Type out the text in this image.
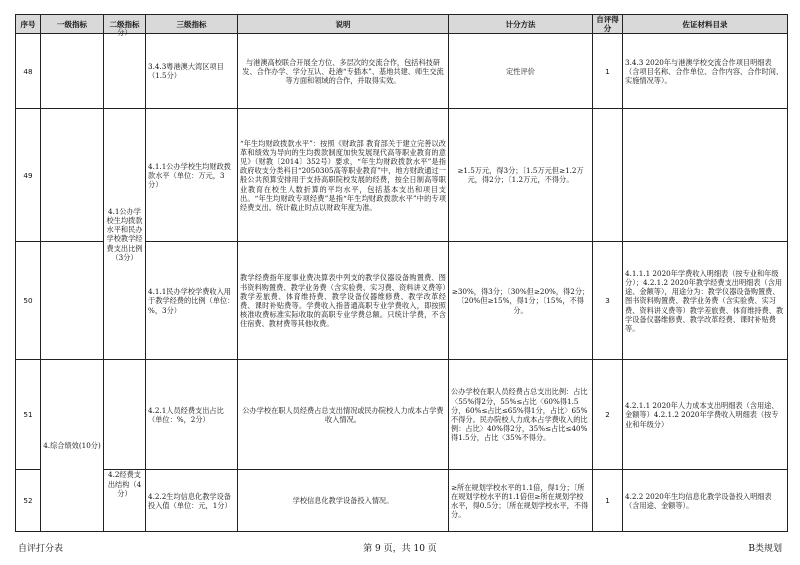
序号	一级指标	二级指标	三级指标	说明	计分方法	自评得分	佐证材料目录
48		分）	3.4.3粤港澳大湾区项目（1.5分）	与港澳高校联合开展全方位、多层次的交流合作，包括科技研发、合作办学、学分互认、赴港“专插本”、基地共建、师生交流等方面和领域的合作，并取得实效。	定性评价	1	3.4.3 2020年与港澳学校交流合作项目明细表（含项目名称、合作单位、合作内容、合作时间、实施情况等）。
49		4.1公办学校生均拨款水平和民办学校教学经费支出比例（3分）	4.1.1公办学校生均财政拨款水平（单位：万元，3分）	“年生均财政拨款水平”：按照《财政部 教育部关于建立完善以改革和绩效为导向的生均拨款制度加快发展现代高等职业教育的意见》（财教〔2014〕352号）要求，“年生均财政拨款水平”是指政府收支分类科目“2050305高等职业教育”中，地方财政通过一般公共预算安排用于支持高职院校发展的经费，按全日制高等职业教育在校生人数折算的平均水平，包括基本支出和项目支出。“年生均财政专项经费”是指“年生均财政拨款水平”中的专项经费支出。统计截止时点以财政年度为准。	≥1.5万元，得3分；〔1.5万元但≥1.2万元，得2分；〔1.2万元，不得分。		
50			4.1.1民办学校学费收入用于教学经费的比例（单位：%，3分）	教学经费指年度事业费决算表中列支的教学仪器设备购置费、图书资料购置费、教学业务费（含实验费、实习费、资料讲义费等）教学差旅费、体育维持费、教学设备仪器维修费、教学改革经费、课时补贴费等。学费收入指普通高职专业学费收入，即按照核准收费标准实际收取的高职专业学费总额。只统计学费，不含住宿费、教材费等其他收费。	≥30%，得3分；〔30%但≥20%，得2分；〔20%但≥15%，得1分；〔15%，不得分。	3	4.1.1.1 2020年学费收入明细表（按专业和年级分）；4.2.1.2 2020年教学经费支出明细表（含用途、金额等），用途分为：教学仪器设备购置费、图书资料购置费、教学业务费（含实验费、实习费、资料讲义费等）教学差旅费、体育维持费、教学设备仪器维修费、教学改革经费、课时补贴费等。
51	4.综合绩效(10分)		4.2.1人员经费支出占比（单位：%，2分）	公办学校在职人员经费占总支出情况或民办院校人力成本占学费收入情况。	公办学校在职人员经费占总支出比例：占比〈55%得2分，55%≤占比〈60%得1.5分，60%≤占比≤65%得1分，占比〉65%不得分。民办院校人力成本占学费收入的比例：占比〉40%得2分，35%≤占比≤40%得1.5分，占比〈35%不得分。	2	4.2.1.1 2020年人力成本支出明细表（含用途、金额等）4.2.1.2 2020年学费收入明细表（按专业和年级分）
52		4.2经费支出结构（4分）	4.2.2生均信息化教学设备投入值（单位：元，1分）	学校信息化教学设备投入情况。	≥所在规划学校水平的1.1倍，得1分；〔所在规划学校水平的1.1倍但≥所在规划学校水平，得0.5分；〔所在规划学校水平，不得分。	1	4.2.2 2020年生均信息化教学设备投入明细表（含用途、金额等）。
自评打分表	第 9 页，共 10 页	B类规划
